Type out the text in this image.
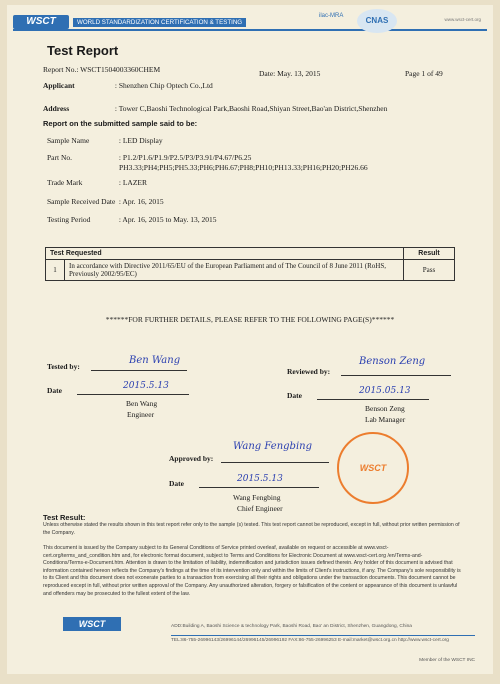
WSCT	WORLD STANDARDIZATION CERTIFICATION & TESTING
ilac-MRA	CNAS	www.wsct-cert.org
Test Report
Report No.: WSCT1504003360CHEM	Date: May. 13, 2015	Page 1 of 49
Applicant	: Shenzhen Chip Optech Co.,Ltd
Address	: Tower C,Baoshi Technological Park,Baoshi Road,Shiyan Street,Bao'an District,Shenzhen
Report on the submitted sample said to be:
Sample Name	: LED Display
Part No.	: P1.2/P1.6/P1.9/P2.5/P3/P3.91/P4.67/P6.25
PH3.33;PH4;PH5;PH5.33;PH6;PH6.67;PH8;PH10;PH13.33;PH16;PH20;PH26.66
Trade Mark	: LAZER
Sample Received Date : Apr. 16, 2015
Testing Period	: Apr. 16, 2015 to May. 13, 2015
Test Requested		Result
1	In accordance with Directive 2011/65/EU of the European Parliament and of The Council of 8 June 2011 (RoHS, Previously 2002/95/EC)	Pass
******FOR FURTHER DETAILS, PLEASE REFER TO THE FOLLOWING PAGE(S)******
Tested by:
Ben Wang
Date	2015.5.13
Ben Wang
Engineer
Reviewed by:
Benson Zeng
Date	2015.05.13
Benson Zeng
Lab Manager
Approved by:
Wang Fengbing
Date	2015.5.13
Wang Fengbing
Chief Engineer
WSCT
Test Result:
Unless otherwise stated the results shown in this test report refer only to the sample (s) tested. This test report cannot be reproduced, except in full, without prior written permission of the Company.
This document is issued by the Company subject to its General Conditions of Service printed overleaf, available on request or accessible at www.wsct-cert.org/terms_and_condition.htm and, for electronic format document, subject to Terms and Conditions for Electronic Document at www.wsct-cert.org /en/Terms-and-Conditions/Terms-e-Document.htm. Attention is drawn to the limitation of liability, indemnification and jurisdiction issues defined therein. Any holder of this document is advised that information contained hereon reflects the Company's findings at the time of its intervention only and within the limits of Client's instructions, if any. The Company's sole responsibility is to its Client and this document does not exonerate parties to a transaction from exercising all their rights and obligations under the transaction documents. This document cannot be reproduced except in full, without prior written approval of the Company. Any unauthorized alteration, forgery or falsification of the content or appearance of this document is unlawful and offenders may be prosecuted to the fullest extent of the law.
WSCT	ADD:Building A, Baoshi Science & technology Park, Baoshi Road, Bao' an District, Shenzhen, Guangdong, China
TEL:86-755-26996143/26996144/26996145/26996192 FAX:86-755-26996253 E-mail:market@wsct.org.cn http://www.wsct-cert.org
Member of the WSCT INC
